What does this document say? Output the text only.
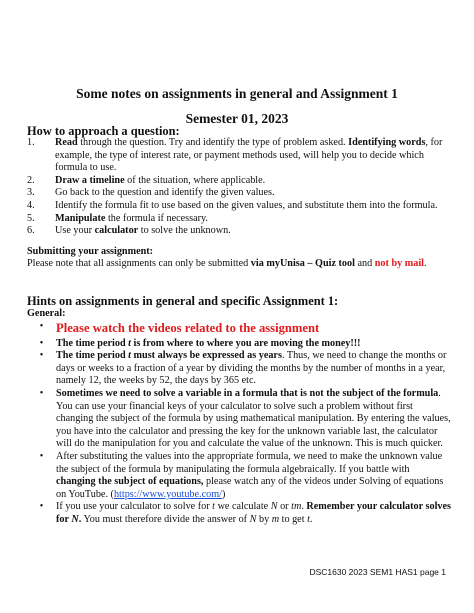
Some notes on assignments in general and Assignment 1
Semester 01, 2023
How to approach a question:
1.	Read through the question. Try and identify the type of problem asked. Identifying words, for example, the type of interest rate, or payment methods used, will help you to decide which formula to use.
2.	Draw a timeline of the situation, where applicable.
3.	Go back to the question and identify the given values.
4.	Identify the formula fit to use based on the given values, and substitute them into the formula.
5.	Manipulate the formula if necessary.
6.	Use your calculator to solve the unknown.
Submitting your assignment:
Please note that all assignments can only be submitted via myUnisa – Quiz tool and not by mail.
Hints on assignments in general and specific Assignment 1:
General:
•	Please watch the videos related to the assignment
•	The time period t is from where to where you are moving the money!!!
•	The time period t must always be expressed as years. Thus, we need to change the months or days or weeks to a fraction of a year by dividing the months by the number of months in a year, namely 12, the weeks by 52, the days by 365 etc.
•	Sometimes we need to solve a variable in a formula that is not the subject of the formula. You can use your financial keys of your calculator to solve such a problem without first changing the subject of the formula by using mathematical manipulation. By entering the values, you have into the calculator and pressing the key for the unknown variable last, the calculator will do the manipulation for you and calculate the value of the unknown. This is much quicker.
•	After substituting the values into the appropriate formula, we need to make the unknown value the subject of the formula by manipulating the formula algebraically. If you battle with changing the subject of equations, please watch any of the videos under Solving of equations on YouTube. (https://www.youtube.com/)
•	If you use your calculator to solve for t we calculate N or tm. Remember your calculator solves for N. You must therefore divide the answer of N by m to get t.
DSC1630 2023 SEM1 HAS1 page 1
